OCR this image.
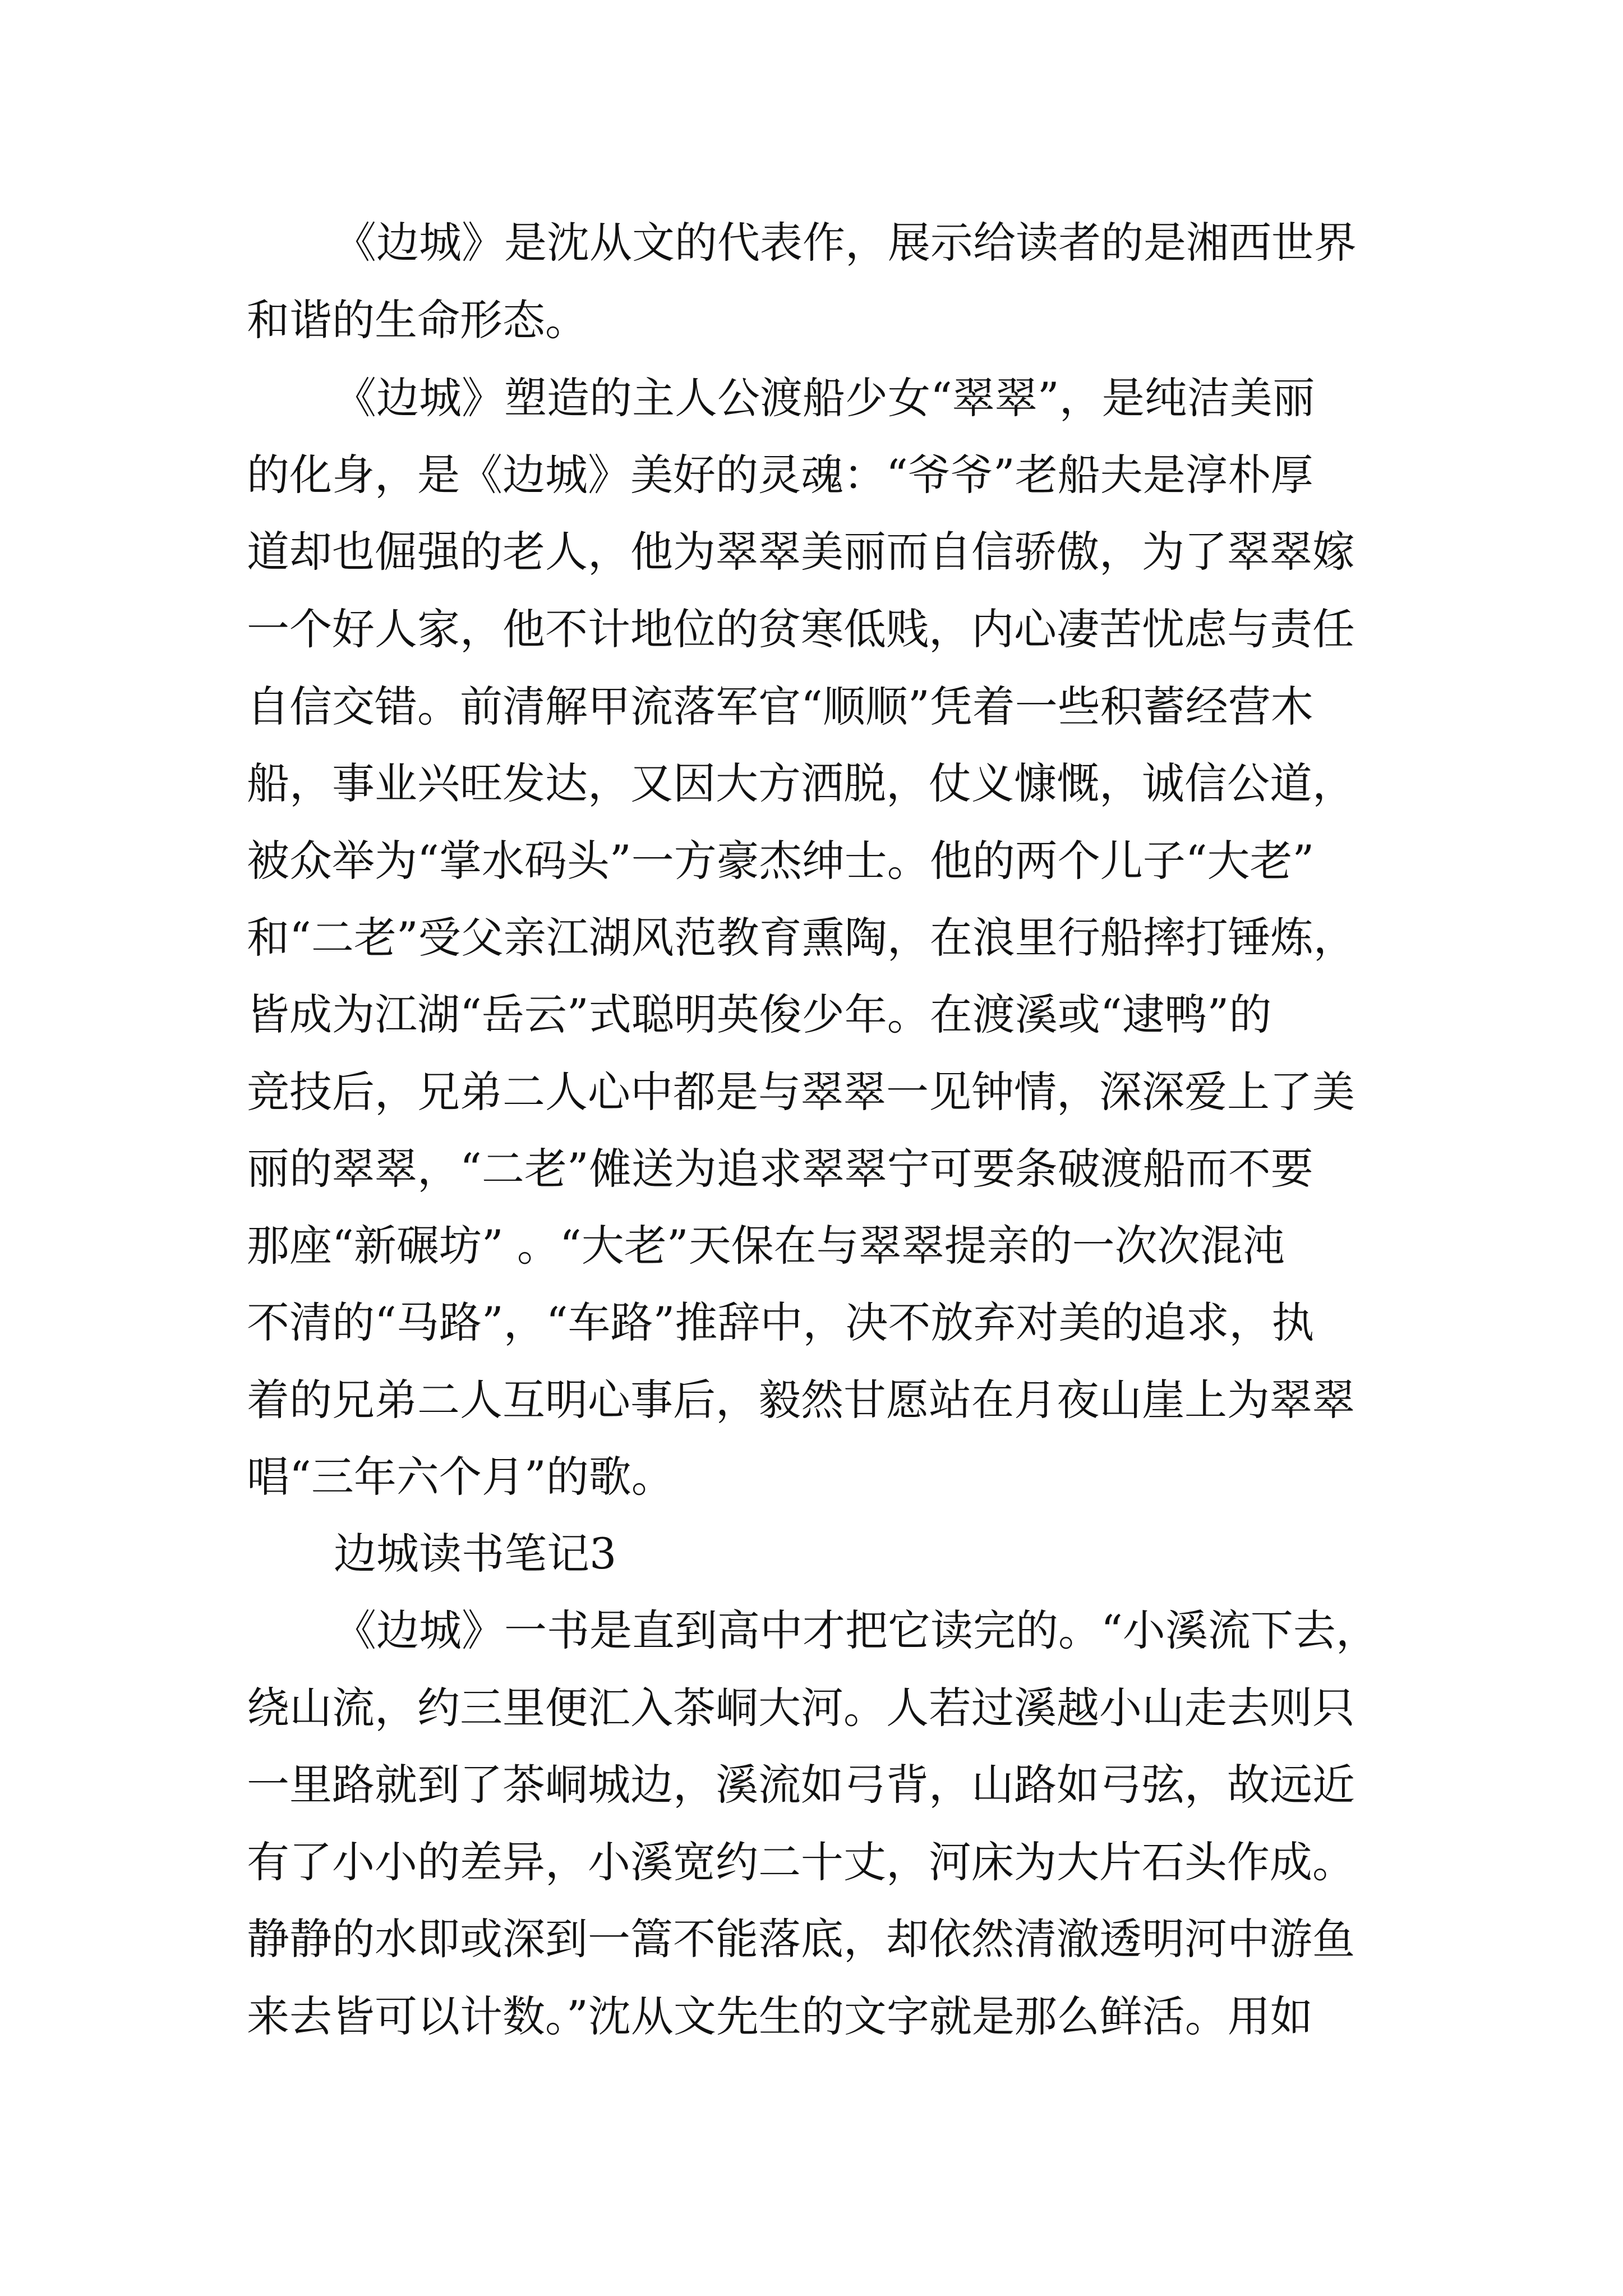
《边城》是沈从文的代表作，展示给读者的是湘西世界
和谐的生命形态。
《边城》塑造的主人公渡船少女“翠翠”，是纯洁美丽
的化身，是《边城》美好的灵魂：“爷爷”老船夫是淳朴厚
道却也倔强的老人，他为翠翠美丽而自信骄傲，为了翠翠嫁
一个好人家，他不计地位的贫寒低贱，内心凄苦忧虑与责任
自信交错。前清解甲流落军官“顺顺”凭着一些积蓄经营木
船，事业兴旺发达，又因大方洒脱，仗义慷慨，诚信公道，
被众举为“掌水码头”一方豪杰绅士。他的两个儿子“大老”
和“二老”受父亲江湖风范教育熏陶，在浪里行船摔打锤炼，
皆成为江湖“岳云”式聪明英俊少年。在渡溪或“逮鸭”的
竞技后，兄弟二人心中都是与翠翠一见钟情，深深爱上了美
丽的翠翠，“二老”傩送为追求翠翠宁可要条破渡船而不要
那座“新碾坊” 。“大老”天保在与翠翠提亲的一次次混沌
不清的“马路”，“车路”推辞中，决不放弃对美的追求，执
着的兄弟二人互明心事后，毅然甘愿站在月夜山崖上为翠翠
唱“三年六个月”的歌。
边城读书笔记3
《边城》一书是直到高中才把它读完的。“小溪流下去，
绕山流，约三里便汇入茶峒大河。人若过溪越小山走去则只
一里路就到了茶峒城边，溪流如弓背，山路如弓弦，故远近
有了小小的差异，小溪宽约二十丈，河床为大片石头作成。
静静的水即或深到一篙不能落底，却依然清澈透明河中游鱼
来去皆可以计数。”沈从文先生的文字就是那么鲜活。用如
